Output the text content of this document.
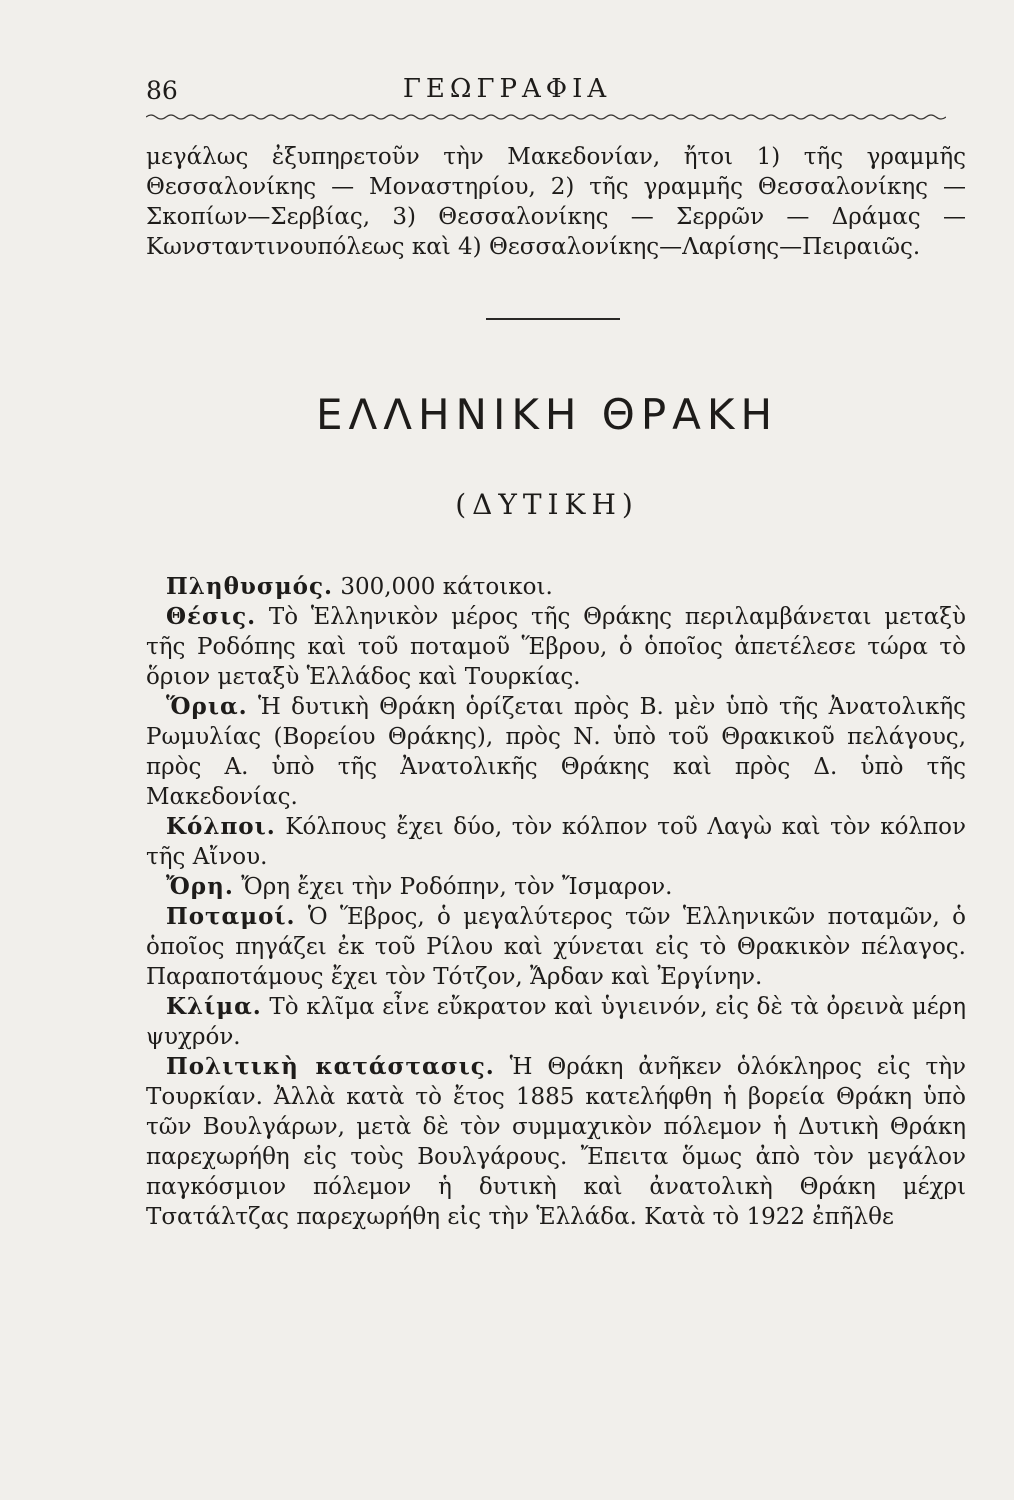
86	ΓΕΩΓΡΑΦΙΑ

μεγάλως ἐξυπηρετοῦν τὴν Μακεδονίαν, ἤτοι 1) τῆς γραμμῆς Θεσσαλονίκης — Μοναστηρίου, 2) τῆς γραμμῆς Θεσσαλονίκης — Σκοπίων—Σερβίας, 3) Θεσσαλονίκης — Σερρῶν — Δράμας — Κωνσταντινουπόλεως καὶ 4) Θεσσαλονίκης—Λαρίσης—Πειραιῶς.

ΕΛΛΗΝΙΚΗ ΘΡΑΚΗ
(ΔΥΤΙΚΗ)

Πληθυσμός. 300,000 κάτοικοι.

Θέσις. Τὸ Ἑλληνικὸν μέρος τῆς Θράκης περιλαμβάνεται μεταξὺ τῆς Ροδόπης καὶ τοῦ ποταμοῦ Ἕβρου, ὁ ὁποῖος ἀπετέλεσε τώρα τὸ ὅριον μεταξὺ Ἑλλάδος καὶ Τουρκίας.

Ὅρια. Ἡ δυτικὴ Θράκη ὁρίζεται πρὸς Β. μὲν ὑπὸ τῆς Ἀνατολικῆς Ρωμυλίας (Βορείου Θράκης), πρὸς Ν. ὑπὸ τοῦ Θρακικοῦ πελάγους, πρὸς Α. ὑπὸ τῆς Ἀνατολικῆς Θράκης καὶ πρὸς Δ. ὑπὸ τῆς Μακεδονίας.

Κόλποι. Κόλπους ἔχει δύο, τὸν κόλπον τοῦ Λαγὼ καὶ τὸν κόλπον τῆς Αἴνου.

Ὄρη. Ὄρη ἔχει τὴν Ροδόπην, τὸν Ἴσμαρον.

Ποταμοί. Ὁ Ἕβρος, ὁ μεγαλύτερος τῶν Ἑλληνικῶν ποταμῶν, ὁ ὁποῖος πηγάζει ἐκ τοῦ Ρίλου καὶ χύνεται εἰς τὸ Θρακικὸν πέλαγος. Παραποτάμους ἔχει τὸν Τότζον, Ἄρδαν καὶ Ἐργίνην.

Κλίμα. Τὸ κλῖμα εἶνε εὔκρατον καὶ ὑγιεινόν, εἰς δὲ τὰ ὀρεινὰ μέρη ψυχρόν.

Πολιτικὴ κατάστασις. Ἡ Θράκη ἀνῆκεν ὁλόκληρος εἰς τὴν Τουρκίαν. Ἀλλὰ κατὰ τὸ ἔτος 1885 κατελήφθη ἡ βορεία Θράκη ὑπὸ τῶν Βουλγάρων, μετὰ δὲ τὸν συμμαχικὸν πόλεμον ἡ Δυτικὴ Θράκη παρεχωρήθη εἰς τοὺς Βουλγάρους. Ἔπειτα ὅμως ἀπὸ τὸν μεγάλον παγκόσμιον πόλεμον ἡ δυτικὴ καὶ ἀνατολικὴ Θράκη μέχρι Τσατάλτζας παρεχωρήθη εἰς τὴν Ἑλλάδα. Κατὰ τὸ 1922 ἐπῆλθε
